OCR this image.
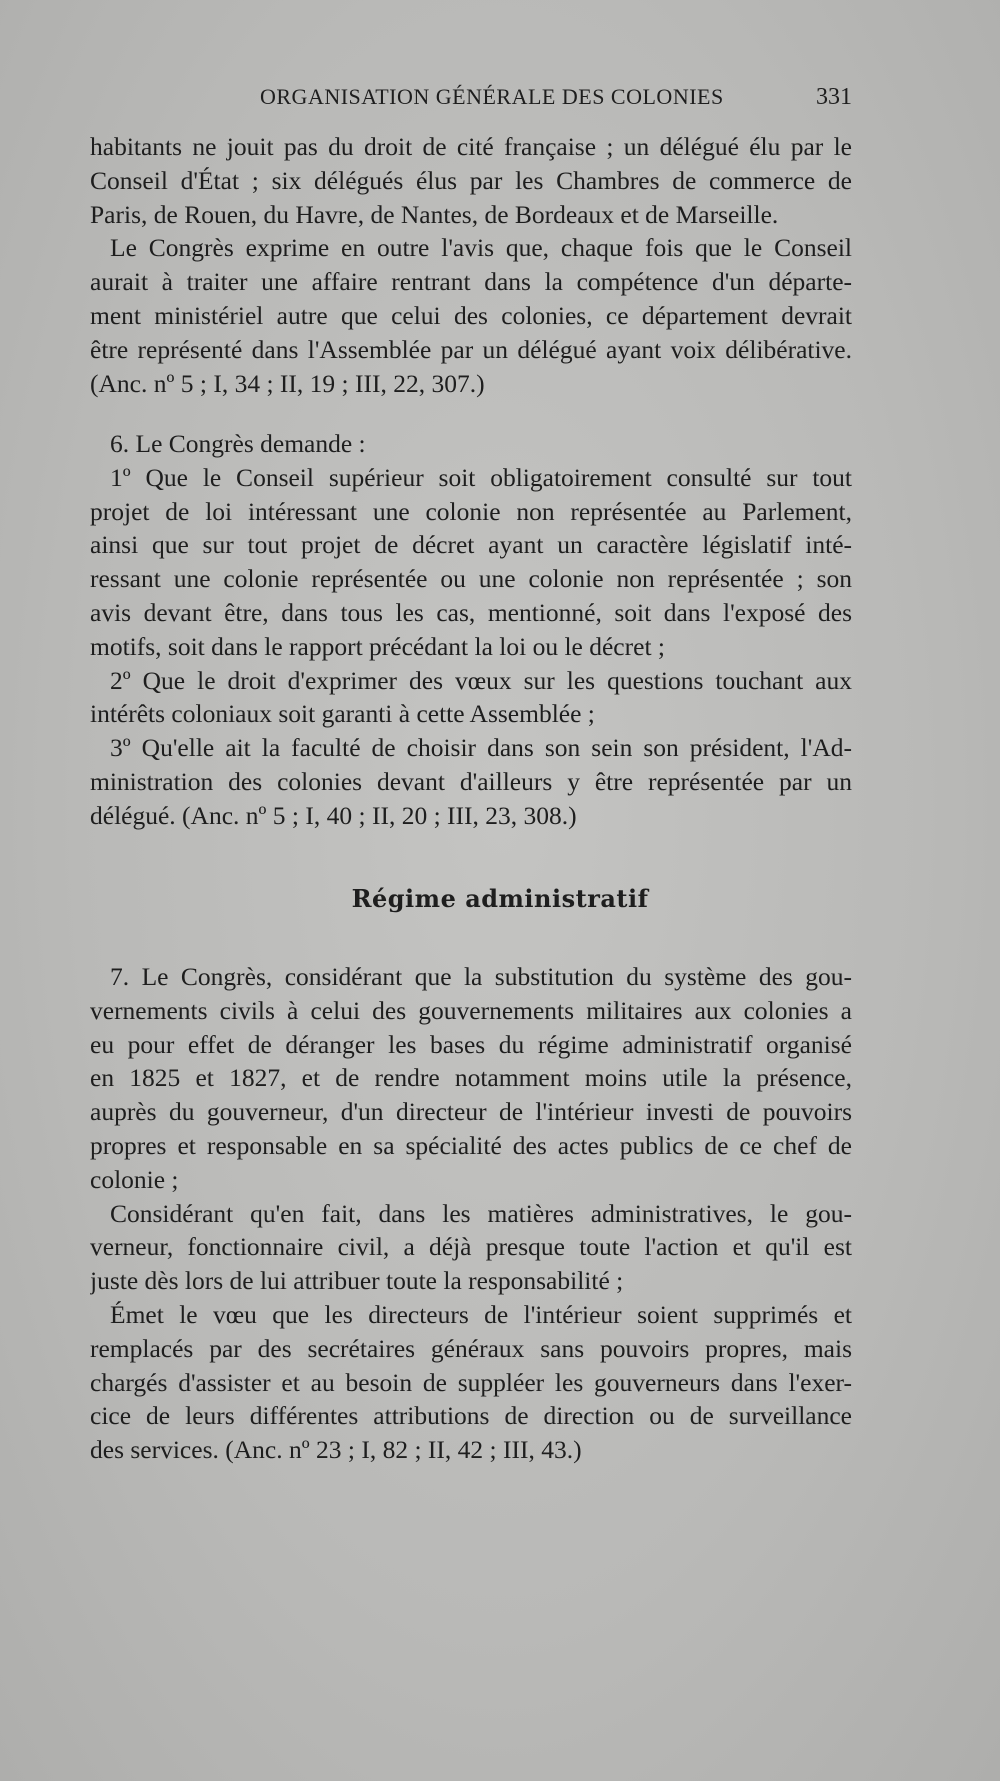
ORGANISATION GÉNÉRALE DES COLONIES	331
habitants ne jouit pas du droit de cité française ; un délégué élu par le
Conseil d'État ; six délégués élus par les Chambres de commerce de
Paris, de Rouen, du Havre, de Nantes, de Bordeaux et de Marseille.
Le Congrès exprime en outre l'avis que, chaque fois que le Conseil
aurait à traiter une affaire rentrant dans la compétence d'un départe-
ment ministériel autre que celui des colonies, ce département devrait
être représenté dans l'Assemblée par un délégué ayant voix délibérative.
(Anc. nº 5 ; I, 34 ; II, 19 ; III, 22, 307.)
6. Le Congrès demande :
1º Que le Conseil supérieur soit obligatoirement consulté sur tout
projet de loi intéressant une colonie non représentée au Parlement,
ainsi que sur tout projet de décret ayant un caractère législatif inté-
ressant une colonie représentée ou une colonie non représentée ; son
avis devant être, dans tous les cas, mentionné, soit dans l'exposé des
motifs, soit dans le rapport précédant la loi ou le décret ;
2º Que le droit d'exprimer des vœux sur les questions touchant aux
intérêts coloniaux soit garanti à cette Assemblée ;
3º Qu'elle ait la faculté de choisir dans son sein son président, l'Ad-
ministration des colonies devant d'ailleurs y être représentée par un
délégué. (Anc. nº 5 ; I, 40 ; II, 20 ; III, 23, 308.)
Régime administratif
7. Le Congrès, considérant que la substitution du système des gou-
vernements civils à celui des gouvernements militaires aux colonies a
eu pour effet de déranger les bases du régime administratif organisé
en 1825 et 1827, et de rendre notamment moins utile la présence,
auprès du gouverneur, d'un directeur de l'intérieur investi de pouvoirs
propres et responsable en sa spécialité des actes publics de ce chef de
colonie ;
Considérant qu'en fait, dans les matières administratives, le gou-
verneur, fonctionnaire civil, a déjà presque toute l'action et qu'il est
juste dès lors de lui attribuer toute la responsabilité ;
Émet le vœu que les directeurs de l'intérieur soient supprimés et
remplacés par des secrétaires généraux sans pouvoirs propres, mais
chargés d'assister et au besoin de suppléer les gouverneurs dans l'exer-
cice de leurs différentes attributions de direction ou de surveillance
des services. (Anc. nº 23 ; I, 82 ; II, 42 ; III, 43.)
